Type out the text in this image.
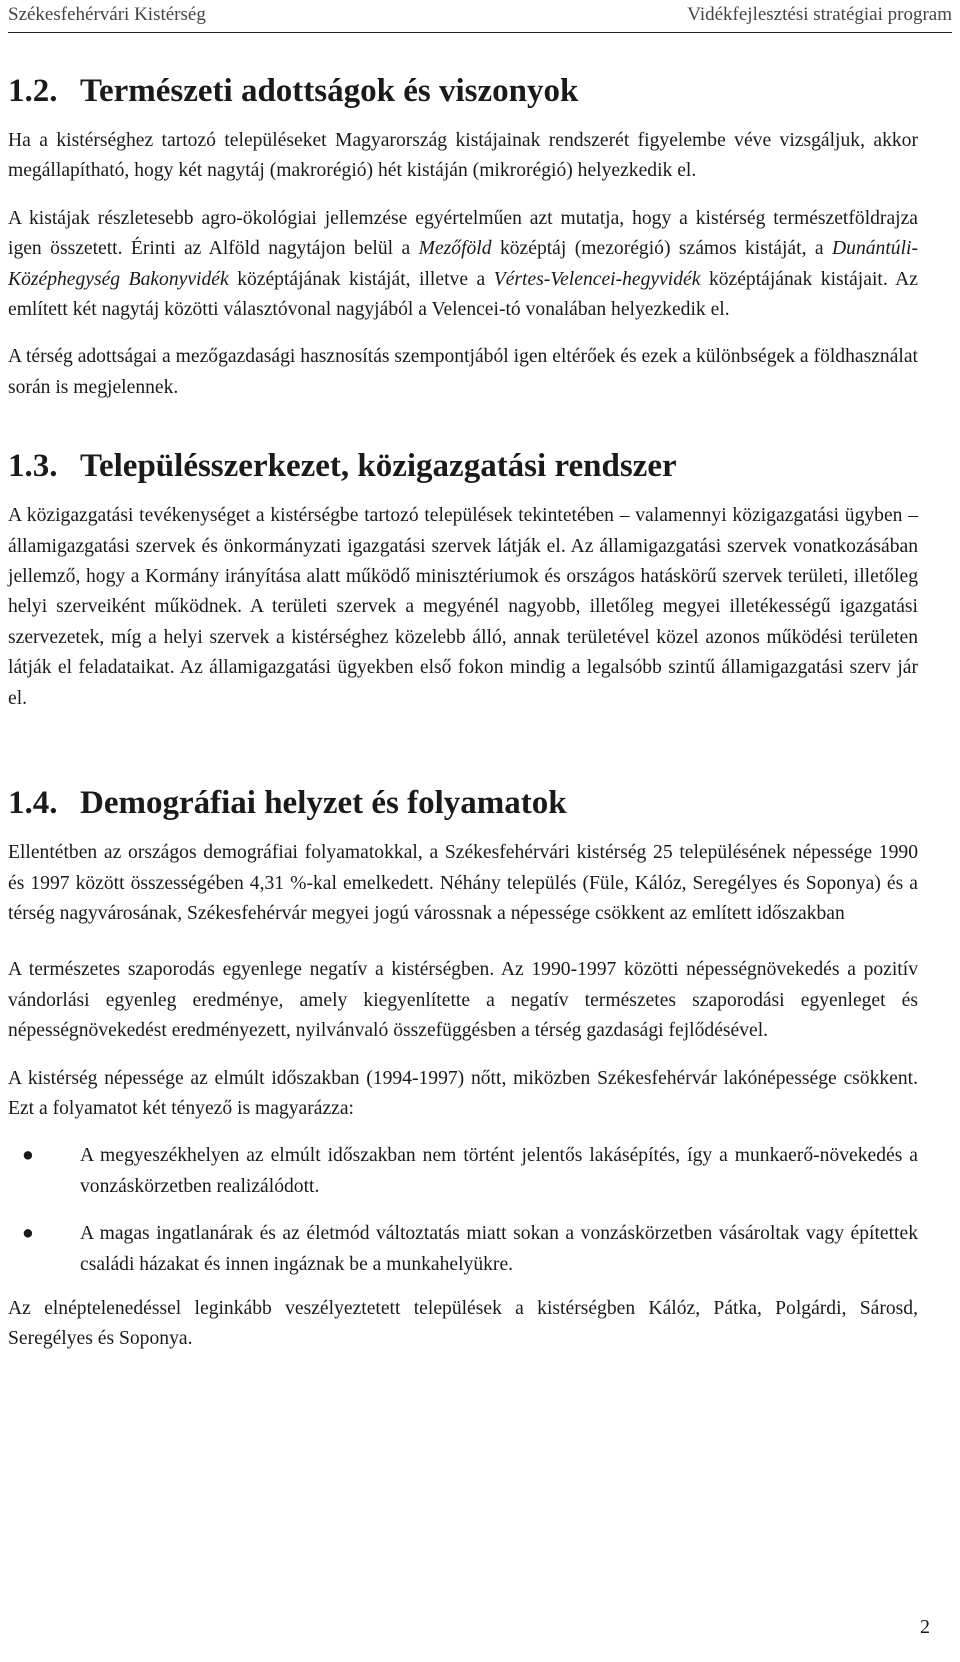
Székesfehérvári Kistérség	Vidékfejlesztési stratégiai program
1.2. Természeti adottságok és viszonyok

Ha a kistérséghez tartozó településeket Magyarország kistájainak rendszerét figyelembe véve vizsgáljuk, akkor megállapítható, hogy két nagytáj (makrorégió) hét kistáján (mikrorégió) helyezkedik el.

A kistájak részletesebb agro-ökológiai jellemzése egyértelműen azt mutatja, hogy a kistérség természetföldrajza igen összetett. Érinti az Alföld nagytájon belül a Mezőföld középtáj (mezorégió) számos kistáját, a Dunántúli-Középhegység Bakonyvidék középtájának kistáját, illetve a Vértes-Velencei-hegyvidék középtájának kistájait. Az említett két nagytáj közötti választóvonal nagyjából a Velencei-tó vonalában helyezkedik el.

A térség adottságai a mezőgazdasági hasznosítás szempontjából igen eltérőek és ezek a különbségek a földhasználat során is megjelennek.

1.3. Településszerkezet, közigazgatási rendszer

A közigazgatási tevékenységet a kistérségbe tartozó települések tekintetében – valamennyi közigazgatási ügyben – államigazgatási szervek és önkormányzati igazgatási szervek látják el. Az államigazgatási szervek vonatkozásában jellemző, hogy a Kormány irányítása alatt működő minisztériumok és országos hatáskörű szervek területi, illetőleg helyi szerveiként működnek. A területi szervek a megyénél nagyobb, illetőleg megyei illetékességű igazgatási szervezetek, míg a helyi szervek a kistérséghez közelebb álló, annak területével közel azonos működési területen látják el feladataikat. Az államigazgatási ügyekben első fokon mindig a legalsóbb szintű államigazgatási szerv jár el.

1.4. Demográfiai helyzet és folyamatok

Ellentétben az országos demográfiai folyamatokkal, a Székesfehérvári kistérség 25 településének népessége 1990 és 1997 között összességében 4,31 %-kal emelkedett. Néhány település (Füle, Kálóz, Seregélyes és Soponya) és a térség nagyvárosának, Székesfehérvár megyei jogú várossnak a népessége csökkent az említett időszakban

A természetes szaporodás egyenlege negatív a kistérségben. Az 1990-1997 közötti népességnövekedés a pozitív vándorlási egyenleg eredménye, amely kiegyenlítette a negatív természetes szaporodási egyenleget és népességnövekedést eredményezett, nyilvánvaló összefüggésben a térség gazdasági fejlődésével.

A kistérség népessége az elmúlt időszakban (1994-1997) nőtt, miközben Székesfehérvár lakónépessége csökkent. Ezt a folyamatot két tényező is magyarázza:

● A megyeszékhelyen az elmúlt időszakban nem történt jelentős lakásépítés, így a munkaerő-növekedés a vonzáskörzetben realizálódott.
● A magas ingatlanárak és az életmód változtatás miatt sokan a vonzáskörzetben vásároltak vagy építettek családi házakat és innen ingáznak be a munkahelyükre.

Az elnéptelenedéssel leginkább veszélyeztetett települések a kistérségben Kálóz, Pátka, Polgárdi, Sárosd, Seregélyes és Soponya.

2
